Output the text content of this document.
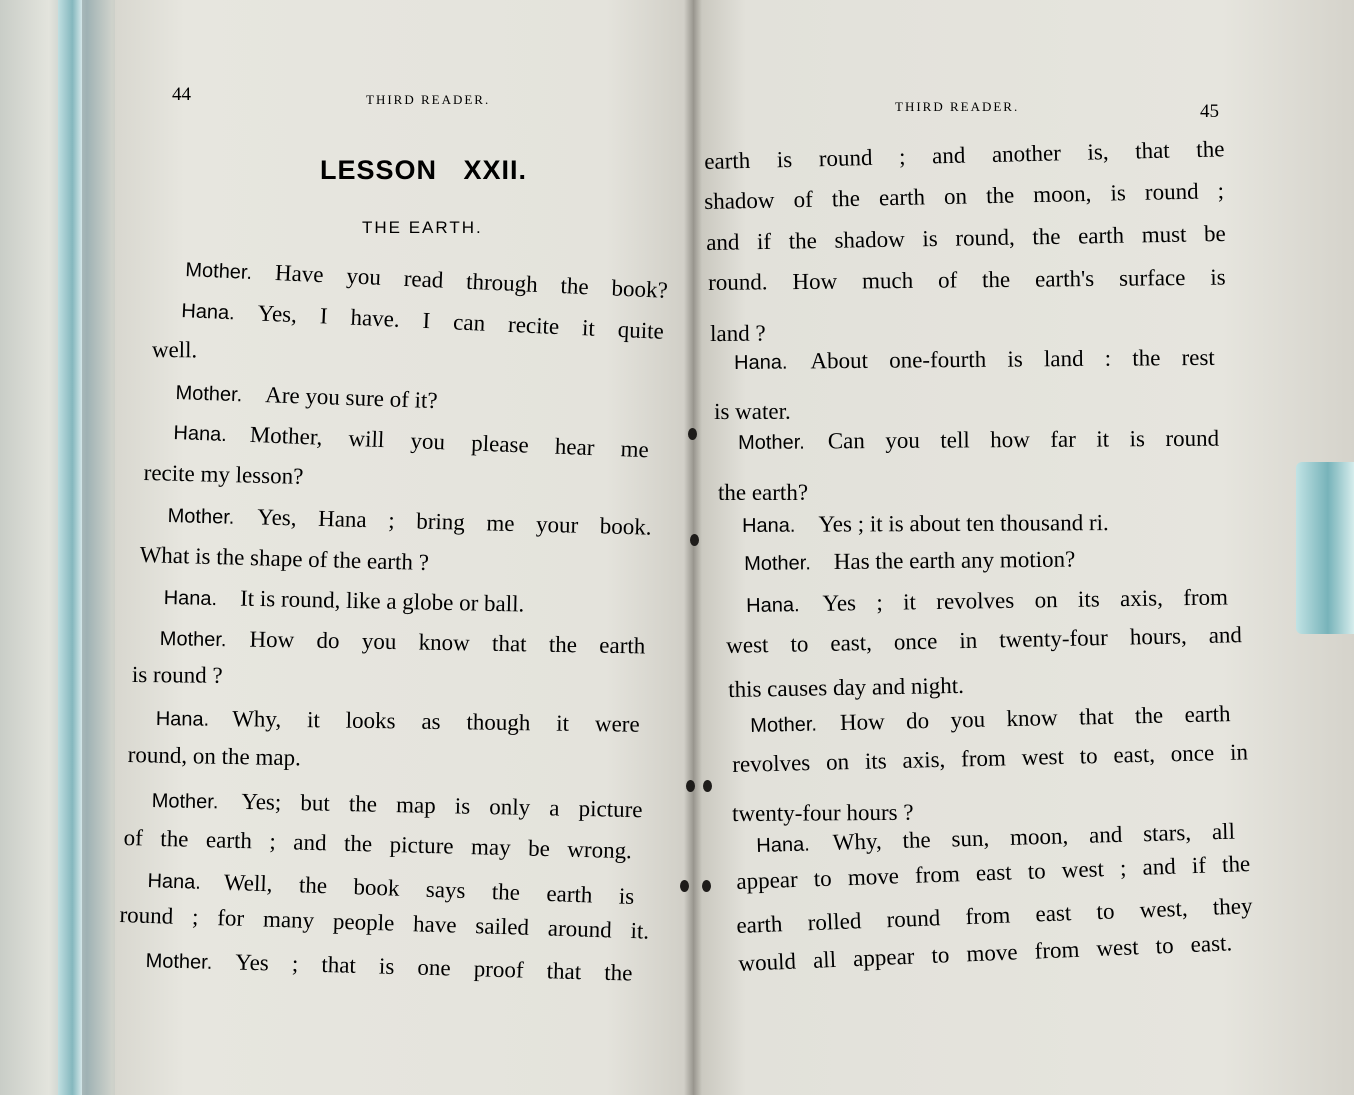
44	THIRD READER.
LESSON XXII.
THE EARTH.
THIRD READER.	45
Mother.  Have you read through the book?
Hana.  Yes, I have. I can recite it quite
well.
Mother.  Are you sure of it?
Hana.  Mother, will you please hear me
recite my lesson?
Mother.  Yes, Hana ; bring me your book.
What is the shape of the earth ?
Hana.  It is round, like a globe or ball.
Mother.  How do you know that the earth
is round ?
Hana.  Why, it looks as though it were
round, on the map.
Mother.  Yes; but the map is only a picture
of the earth ; and the picture may be wrong.
Hana.  Well, the book says the earth is
round ; for many people have sailed around it.
Mother.  Yes ; that is one proof that the
earth is round ; and another is, that the
shadow of the earth on the moon, is round ;
and if the shadow is round, the earth must be
round. How much of the earth's surface is
land ?
Hana.  About one-fourth is land : the rest
is water.
Mother.  Can you tell how far it is round
the earth?
Hana.  Yes ; it is about ten thousand ri.
Mother.  Has the earth any motion?
Hana.  Yes ; it revolves on its axis, from
west to east, once in twenty-four hours, and
this causes day and night.
Mother.  How do you know that the earth
revolves on its axis, from west to east, once in
twenty-four hours ?
Hana.  Why, the sun, moon, and stars, all
appear to move from east to west ; and if the
earth rolled round from east to west, they
would all appear to move from west to east.
